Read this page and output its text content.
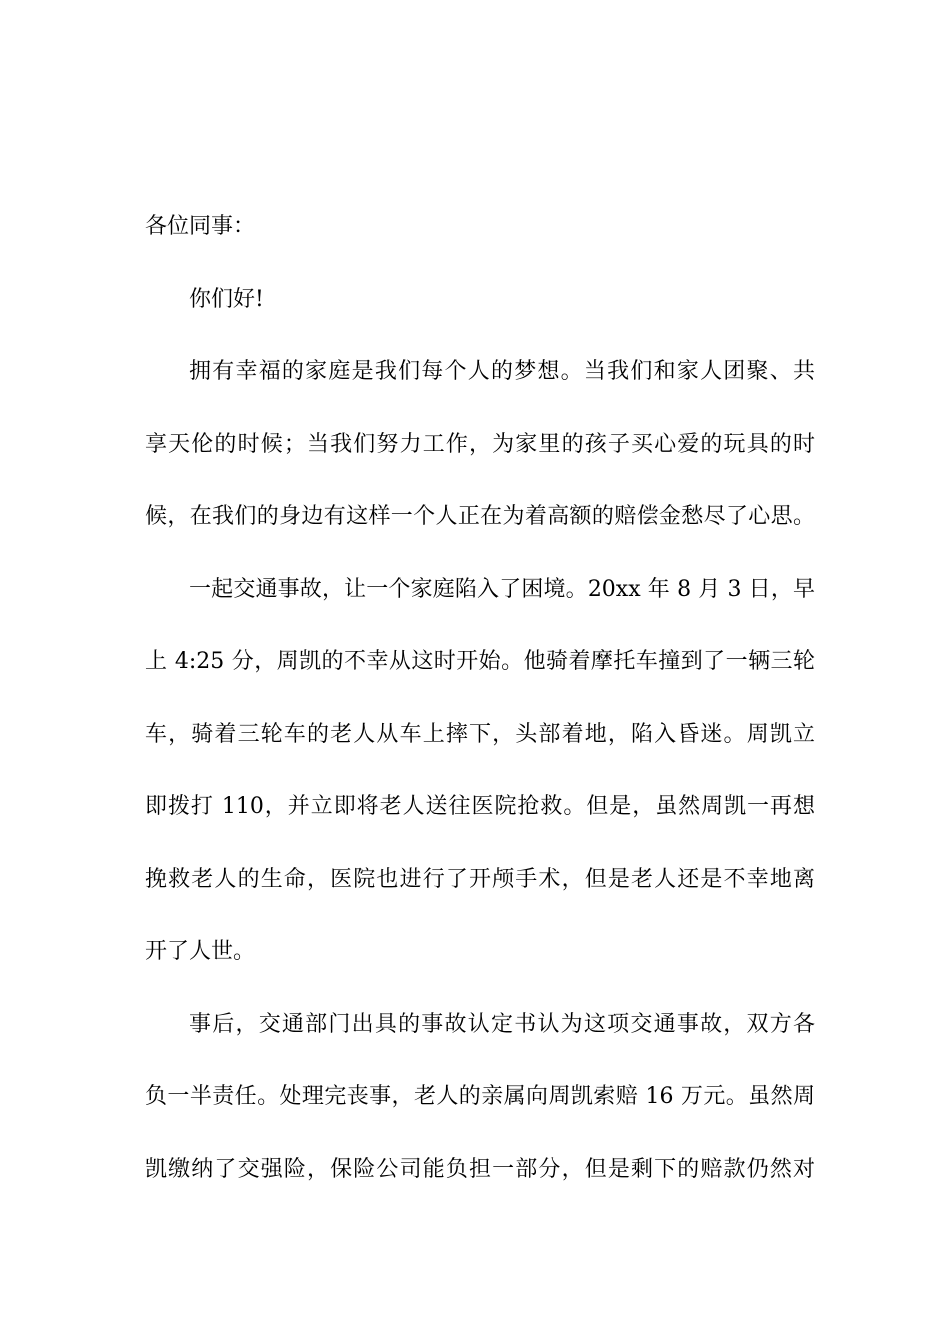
各位同事：
你们好!
拥有幸福的家庭是我们每个人的梦想。当我们和家人团聚、共
享天伦的时候；当我们努力工作，为家里的孩子买心爱的玩具的时
候，在我们的身边有这样一个人正在为着高额的赔偿金愁尽了心思。
一起交通事故，让一个家庭陷入了困境。20xx 年 8 月 3 日，早
上 4:25 分，周凯的不幸从这时开始。他骑着摩托车撞到了一辆三轮
车，骑着三轮车的老人从车上摔下，头部着地，陷入昏迷。周凯立
即拨打 110，并立即将老人送往医院抢救。但是，虽然周凯一再想
挽救老人的生命，医院也进行了开颅手术，但是老人还是不幸地离
开了人世。
事后，交通部门出具的事故认定书认为这项交通事故，双方各
负一半责任。处理完丧事，老人的亲属向周凯索赔 16 万元。虽然周
凯缴纳了交强险，保险公司能负担一部分，但是剩下的赔款仍然对
